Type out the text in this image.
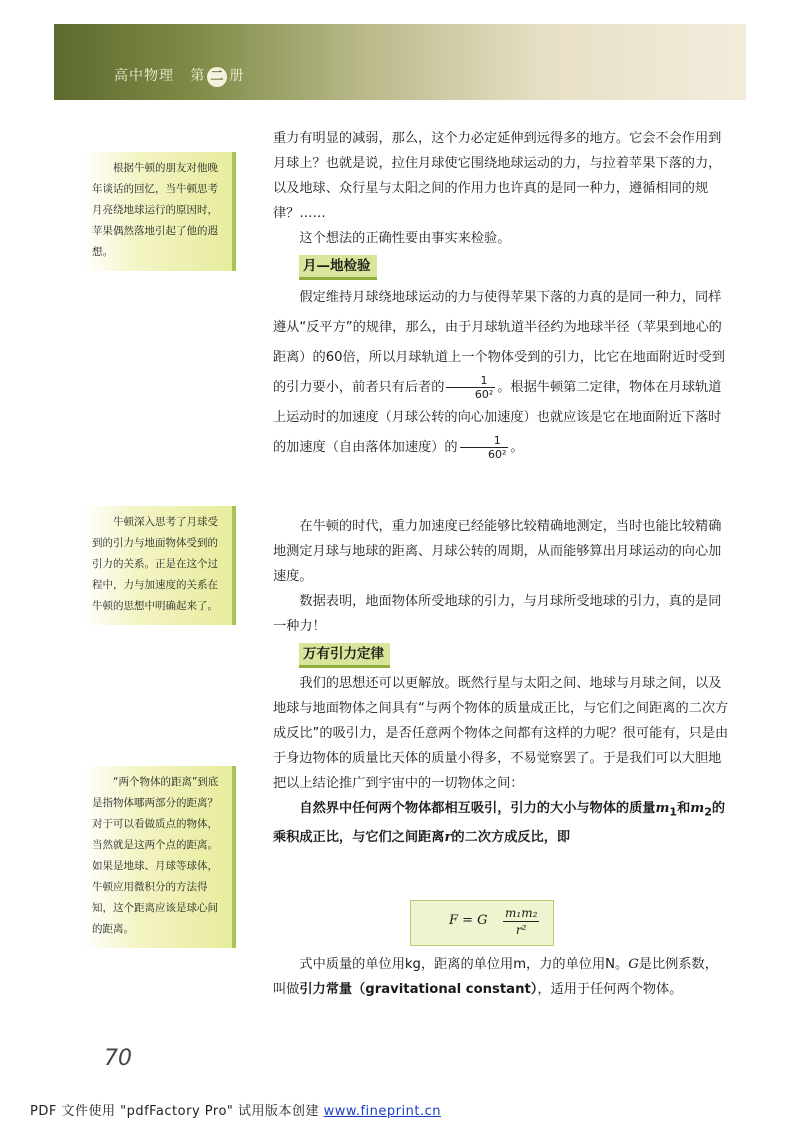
高中物理 第 二 册
根据牛顿的朋友对他晚年谈话的回忆，当牛顿思考月亮绕地球运行的原因时，苹果偶然落地引起了他的遐想。
牛顿深入思考了月球受到的引力与地面物体受到的引力的关系。正是在这个过程中，力与加速度的关系在牛顿的思想中明确起来了。
“两个物体的距离”到底是指物体哪两部分的距离？对于可以看做质点的物体，当然就是这两个点的距离。如果是地球、月球等球体，牛顿应用微积分的方法得知，这个距离应该是球心间的距离。

重力有明显的减弱，那么，这个力必定延伸到远得多的地方。它会不会作用到月球上？也就是说，拉住月球使它围绕地球运动的力，与拉着苹果下落的力，以及地球、众行星与太阳之间的作用力也许真的是同一种力，遵循相同的规律？……

这个想法的正确性要由事实来检验。

月—地检验

假定维持月球绕地球运动的力与使得苹果下落的力真的是同一种力，同样遵从“反平方”的规律，那么，由于月球轨道半径约为地球半径（苹果到地心的距离）的60倍，所以月球轨道上一个物体受到的引力，比它在地面附近时受到的引力要小，前者只有后者的 $\frac{1}{\text{60²}}$ 。根据牛顿第二定律，物体在月球轨道上运动时的加速度（月球公转的向心加速度）也就应该是它在地面附近下落时的加速度（自由落体加速度）的 $\frac{1}{\text{60²}}$ 。

在牛顿的时代，重力加速度已经能够比较精确地测定，当时也能比较精确地测定月球与地球的距离、月球公转的周期，从而能够算出月球运动的向心加速度。

数据表明，地面物体所受地球的引力，与月球所受地球的引力，真的是同一种力！

万有引力定律

我们的思想还可以更解放。既然行星与太阳之间、地球与月球之间，以及地球与地面物体之间具有“与两个物体的质量成正比，与它们之间距离的二次方成反比”的吸引力，是否任意两个物体之间都有这样的力呢？很可能有，只是由于身边物体的质量比天体的质量小得多，不易觉察罢了。于是我们可以大胆地把以上结论推广到宇宙中的一切物体之间：

自然界中任何两个物体都相互吸引，引力的大小与物体的质量$m_1$和$m_2$的乘积成正比，与它们之间距离r的二次方成反比，即

F = G $\frac{\text{m₁m₂}}{\text{r²}}$

式中质量的单位用kg，距离的单位用m，力的单位用N。G是比例系数，叫做引力常量（gravitational constant），适用于任何两个物体。

70
PDF 文件使用 "pdfFactory Pro" 试用版本创建 www.fineprint.cn
